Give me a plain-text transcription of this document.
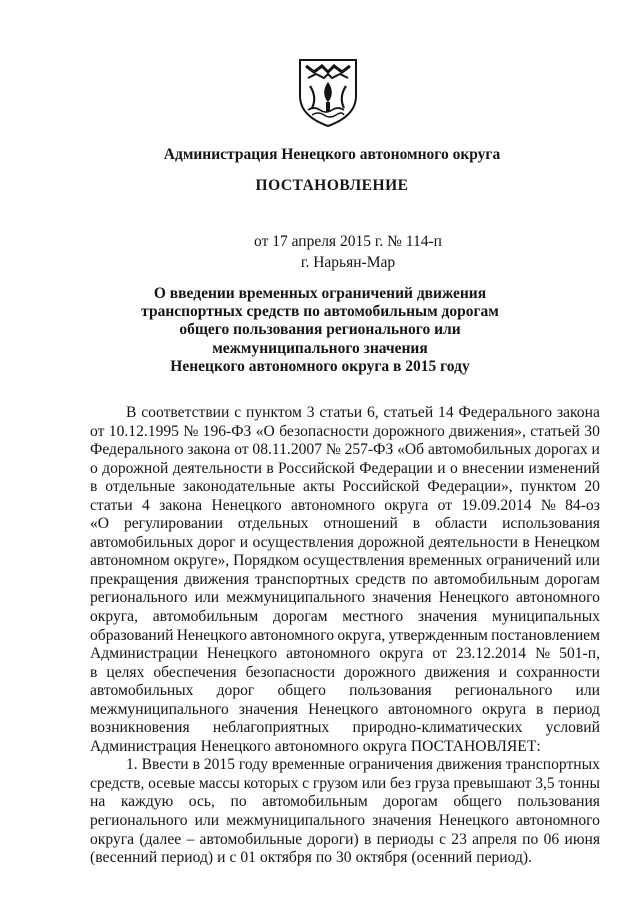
Администрация Ненецкого автономного округа
ПОСТАНОВЛЕНИЕ
от 17 апреля 2015 г. № 114-п
г. Нарьян-Мар
О введении временных ограничений движения
транспортных средств по автомобильным дорогам
общего пользования регионального или
межмуниципального значения
Ненецкого автономного округа в 2015 году
В соответствии с пунктом 3 статьи 6, статьей 14 Федерального закона
от 10.12.1995 № 196-ФЗ «О безопасности дорожного движения», статьей 30
Федерального закона от 08.11.2007 № 257-ФЗ «Об автомобильных дорогах и
о дорожной деятельности в Российской Федерации и о внесении изменений
в отдельные законодательные акты Российской Федерации», пунктом 20
статьи 4 закона Ненецкого автономного округа от 19.09.2014 № 84-оз
«О регулировании отдельных отношений в области использования
автомобильных дорог и осуществления дорожной деятельности в Ненецком
автономном округе», Порядком осуществления временных ограничений или
прекращения движения транспортных средств по автомобильным дорогам
регионального или межмуниципального значения Ненецкого автономного
округа, автомобильным дорогам местного значения муниципальных
образований Ненецкого автономного округа, утвержденным постановлением
Администрации Ненецкого автономного округа от 23.12.2014 № 501-п,
в целях обеспечения безопасности дорожного движения и сохранности
автомобильных дорог общего пользования регионального или
межмуниципального значения Ненецкого автономного округа в период
возникновения неблагоприятных природно-климатических условий
Администрация Ненецкого автономного округа ПОСТАНОВЛЯЕТ:
1. Ввести в 2015 году временные ограничения движения транспортных
средств, осевые массы которых с грузом или без груза превышают 3,5 тонны
на каждую ось, по автомобильным дорогам общего пользования
регионального или межмуниципального значения Ненецкого автономного
округа (далее – автомобильные дороги) в периоды с 23 апреля по 06 июня
(весенний период) и с 01 октября по 30 октября (осенний период).
